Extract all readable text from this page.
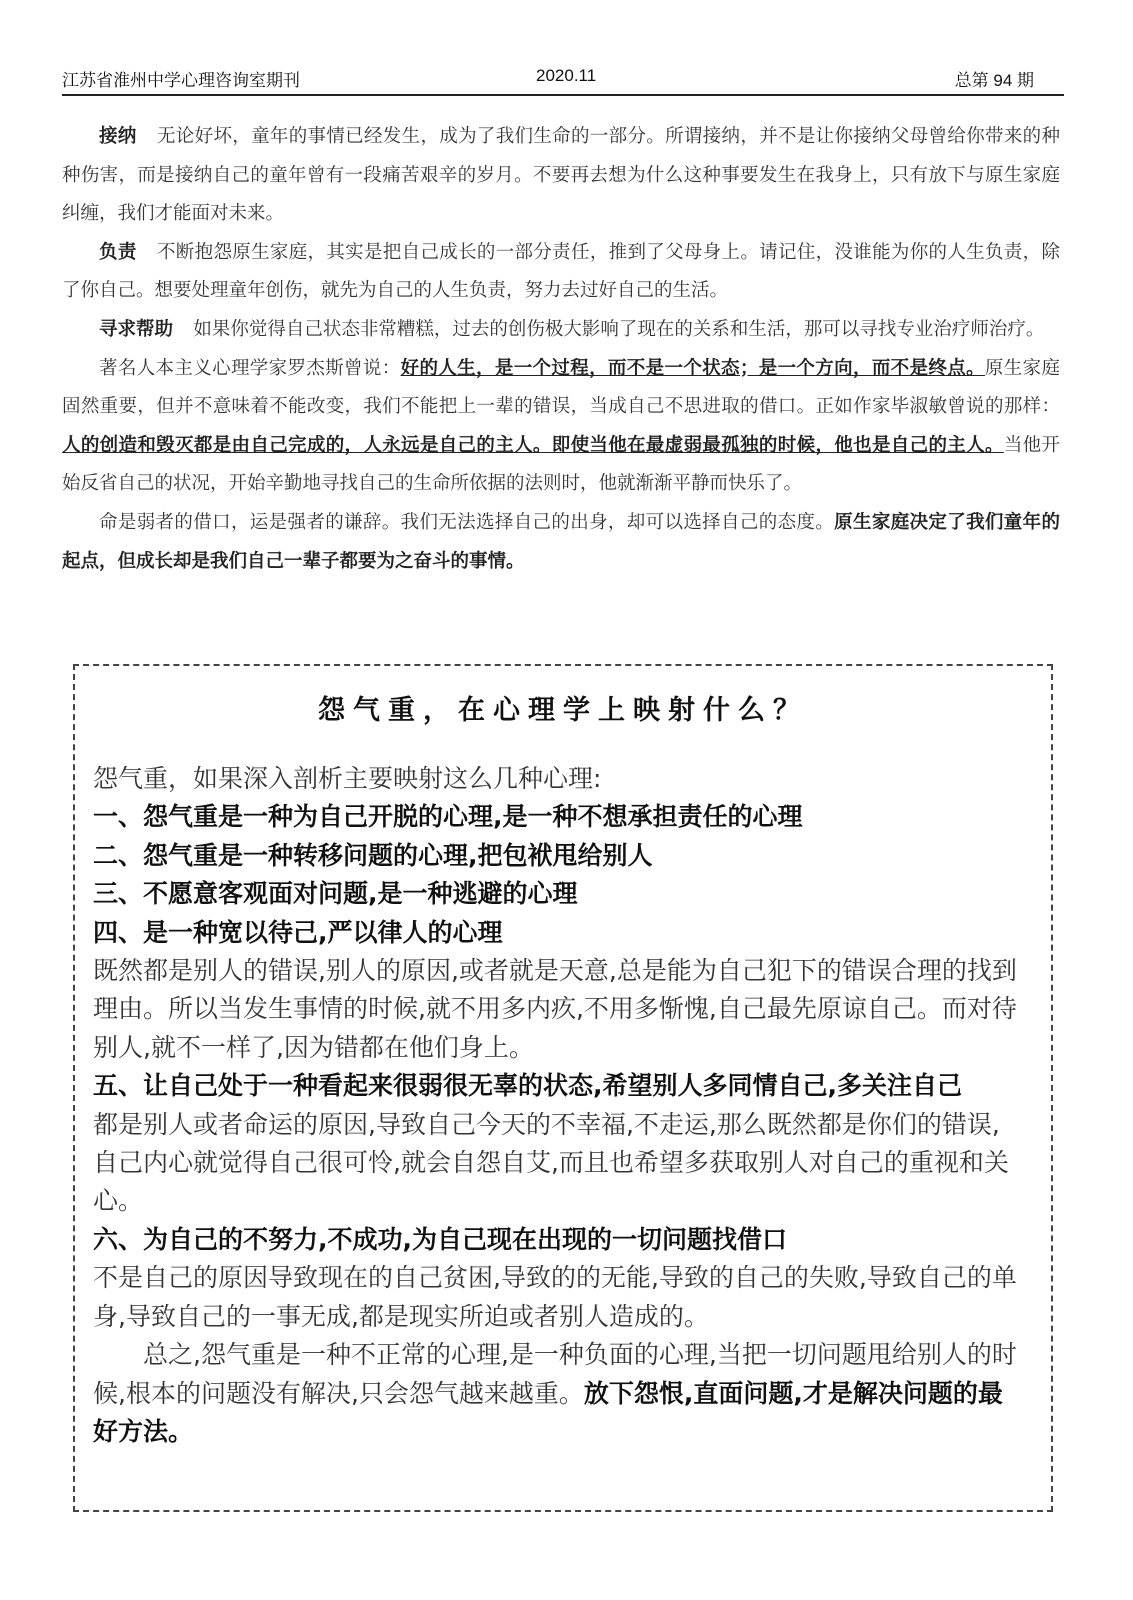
江苏省淮州中学心理咨询室期刊	2020.11	总第 94 期

接纳 无论好坏，童年的事情已经发生，成为了我们生命的一部分。所谓接纳，并不是让你接纳父母曾给你带来的种种伤害，而是接纳自己的童年曾有一段痛苦艰辛的岁月。不要再去想为什么这种事要发生在我身上，只有放下与原生家庭纠缠，我们才能面对未来。

负责 不断抱怨原生家庭，其实是把自己成长的一部分责任，推到了父母身上。请记住，没谁能为你的人生负责，除了你自己。想要处理童年创伤，就先为自己的人生负责，努力去过好自己的生活。

寻求帮助 如果你觉得自己状态非常糟糕，过去的创伤极大影响了现在的关系和生活，那可以寻找专业治疗师治疗。

著名人本主义心理学家罗杰斯曾说：好的人生，是一个过程，而不是一个状态；是一个方向，而不是终点。原生家庭固然重要，但并不意味着不能改变，我们不能把上一辈的错误，当成自己不思进取的借口。正如作家毕淑敏曾说的那样：人的创造和毁灭都是由自己完成的，人永远是自己的主人。即使当他在最虚弱最孤独的时候，他也是自己的主人。当他开始反省自己的状况，开始辛勤地寻找自己的生命所依据的法则时，他就渐渐平静而快乐了。

命是弱者的借口，运是强者的谦辞。我们无法选择自己的出身，却可以选择自己的态度。原生家庭决定了我们童年的起点，但成长却是我们自己一辈子都要为之奋斗的事情。

怨气重，在心理学上映射什么？
怨气重，如果深入剖析主要映射这么几种心理:
一、怨气重是一种为自己开脱的心理,是一种不想承担责任的心理
二、怨气重是一种转移问题的心理,把包袱甩给别人
三、不愿意客观面对问题,是一种逃避的心理
四、是一种宽以待己,严以律人的心理
既然都是别人的错误,别人的原因,或者就是天意,总是能为自己犯下的错误合理的找到理由。所以当发生事情的时候,就不用多内疚,不用多惭愧,自己最先原谅自己。而对待别人,就不一样了,因为错都在他们身上。
五、让自己处于一种看起来很弱很无辜的状态,希望别人多同情自己,多关注自己
都是别人或者命运的原因,导致自己今天的不幸福,不走运,那么既然都是你们的错误,自己内心就觉得自己很可怜,就会自怨自艾,而且也希望多获取别人对自己的重视和关心。
六、为自己的不努力,不成功,为自己现在出现的一切问题找借口
不是自己的原因导致现在的自己贫困,导致的的无能,导致的自己的失败,导致自己的单身,导致自己的一事无成,都是现实所迫或者别人造成的。
总之,怨气重是一种不正常的心理,是一种负面的心理,当把一切问题甩给别人的时候,根本的问题没有解决,只会怨气越来越重。放下怨恨,直面问题,才是解决问题的最好方法。
